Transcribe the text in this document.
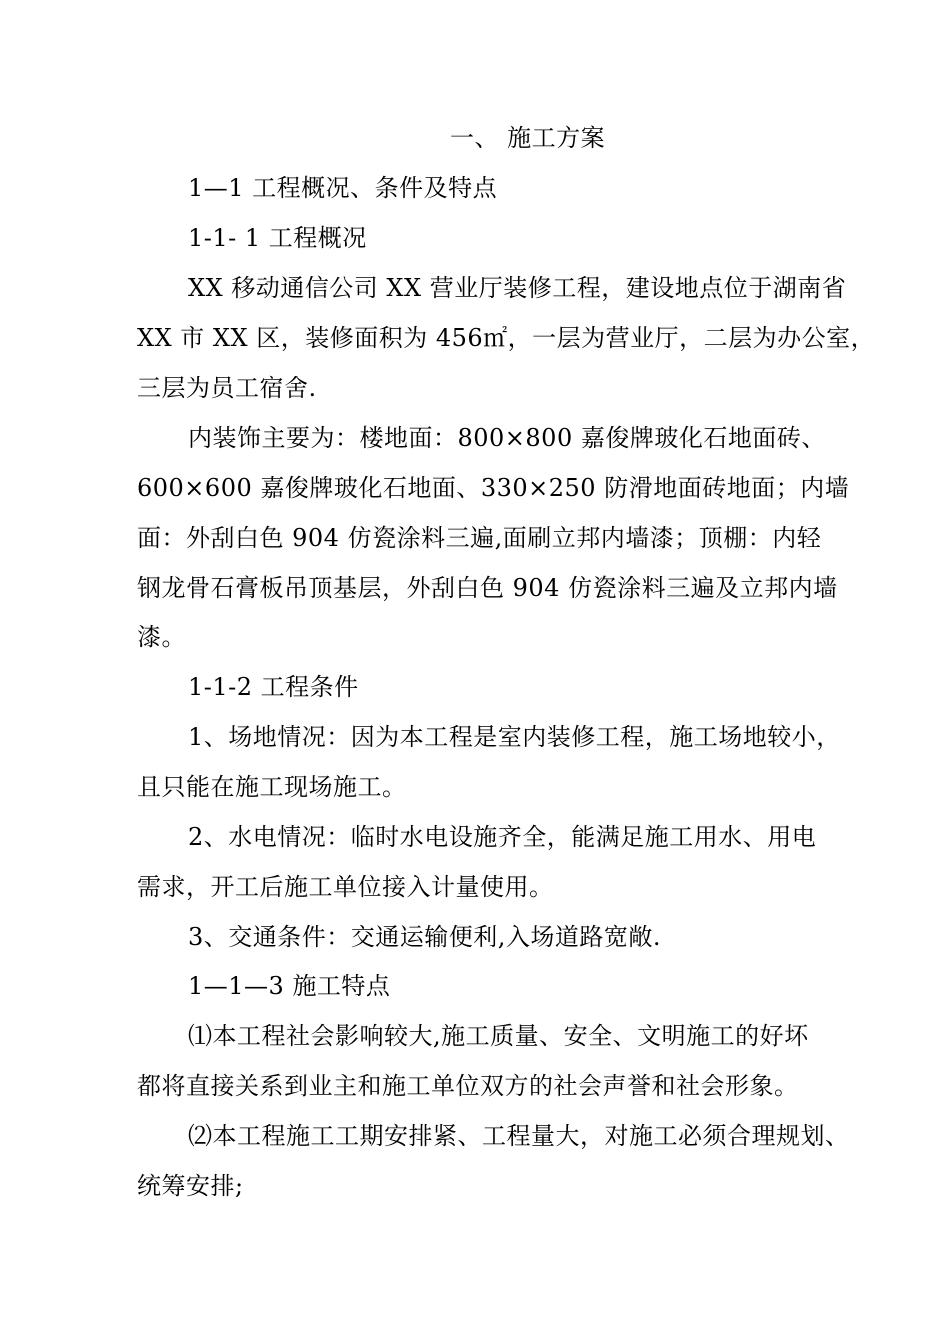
一、 施工方案
1—1 工程概况、条件及特点
1-1- 1 工程概况
XX 移动通信公司 XX 营业厅装修工程，建设地点位于湖南省
XX 市 XX 区，装修面积为 456㎡，一层为营业厅，二层为办公室，
三层为员工宿舍.
内装饰主要为：楼地面：800×800 嘉俊牌玻化石地面砖、
600×600 嘉俊牌玻化石地面、330×250 防滑地面砖地面；内墙
面：外刮白色 904 仿瓷涂料三遍,面刷立邦内墙漆；顶棚：内轻
钢龙骨石膏板吊顶基层，外刮白色 904 仿瓷涂料三遍及立邦内墙
漆。
1-1-2 工程条件
1、场地情况：因为本工程是室内装修工程，施工场地较小，
且只能在施工现场施工。
2、水电情况：临时水电设施齐全，能满足施工用水、用电
需求，开工后施工单位接入计量使用。
3、交通条件：交通运输便利,入场道路宽敞.
1—1—3 施工特点
⑴本工程社会影响较大,施工质量、安全、文明施工的好坏
都将直接关系到业主和施工单位双方的社会声誉和社会形象。
⑵本工程施工工期安排紧、工程量大，对施工必须合理规划、
统筹安排;
